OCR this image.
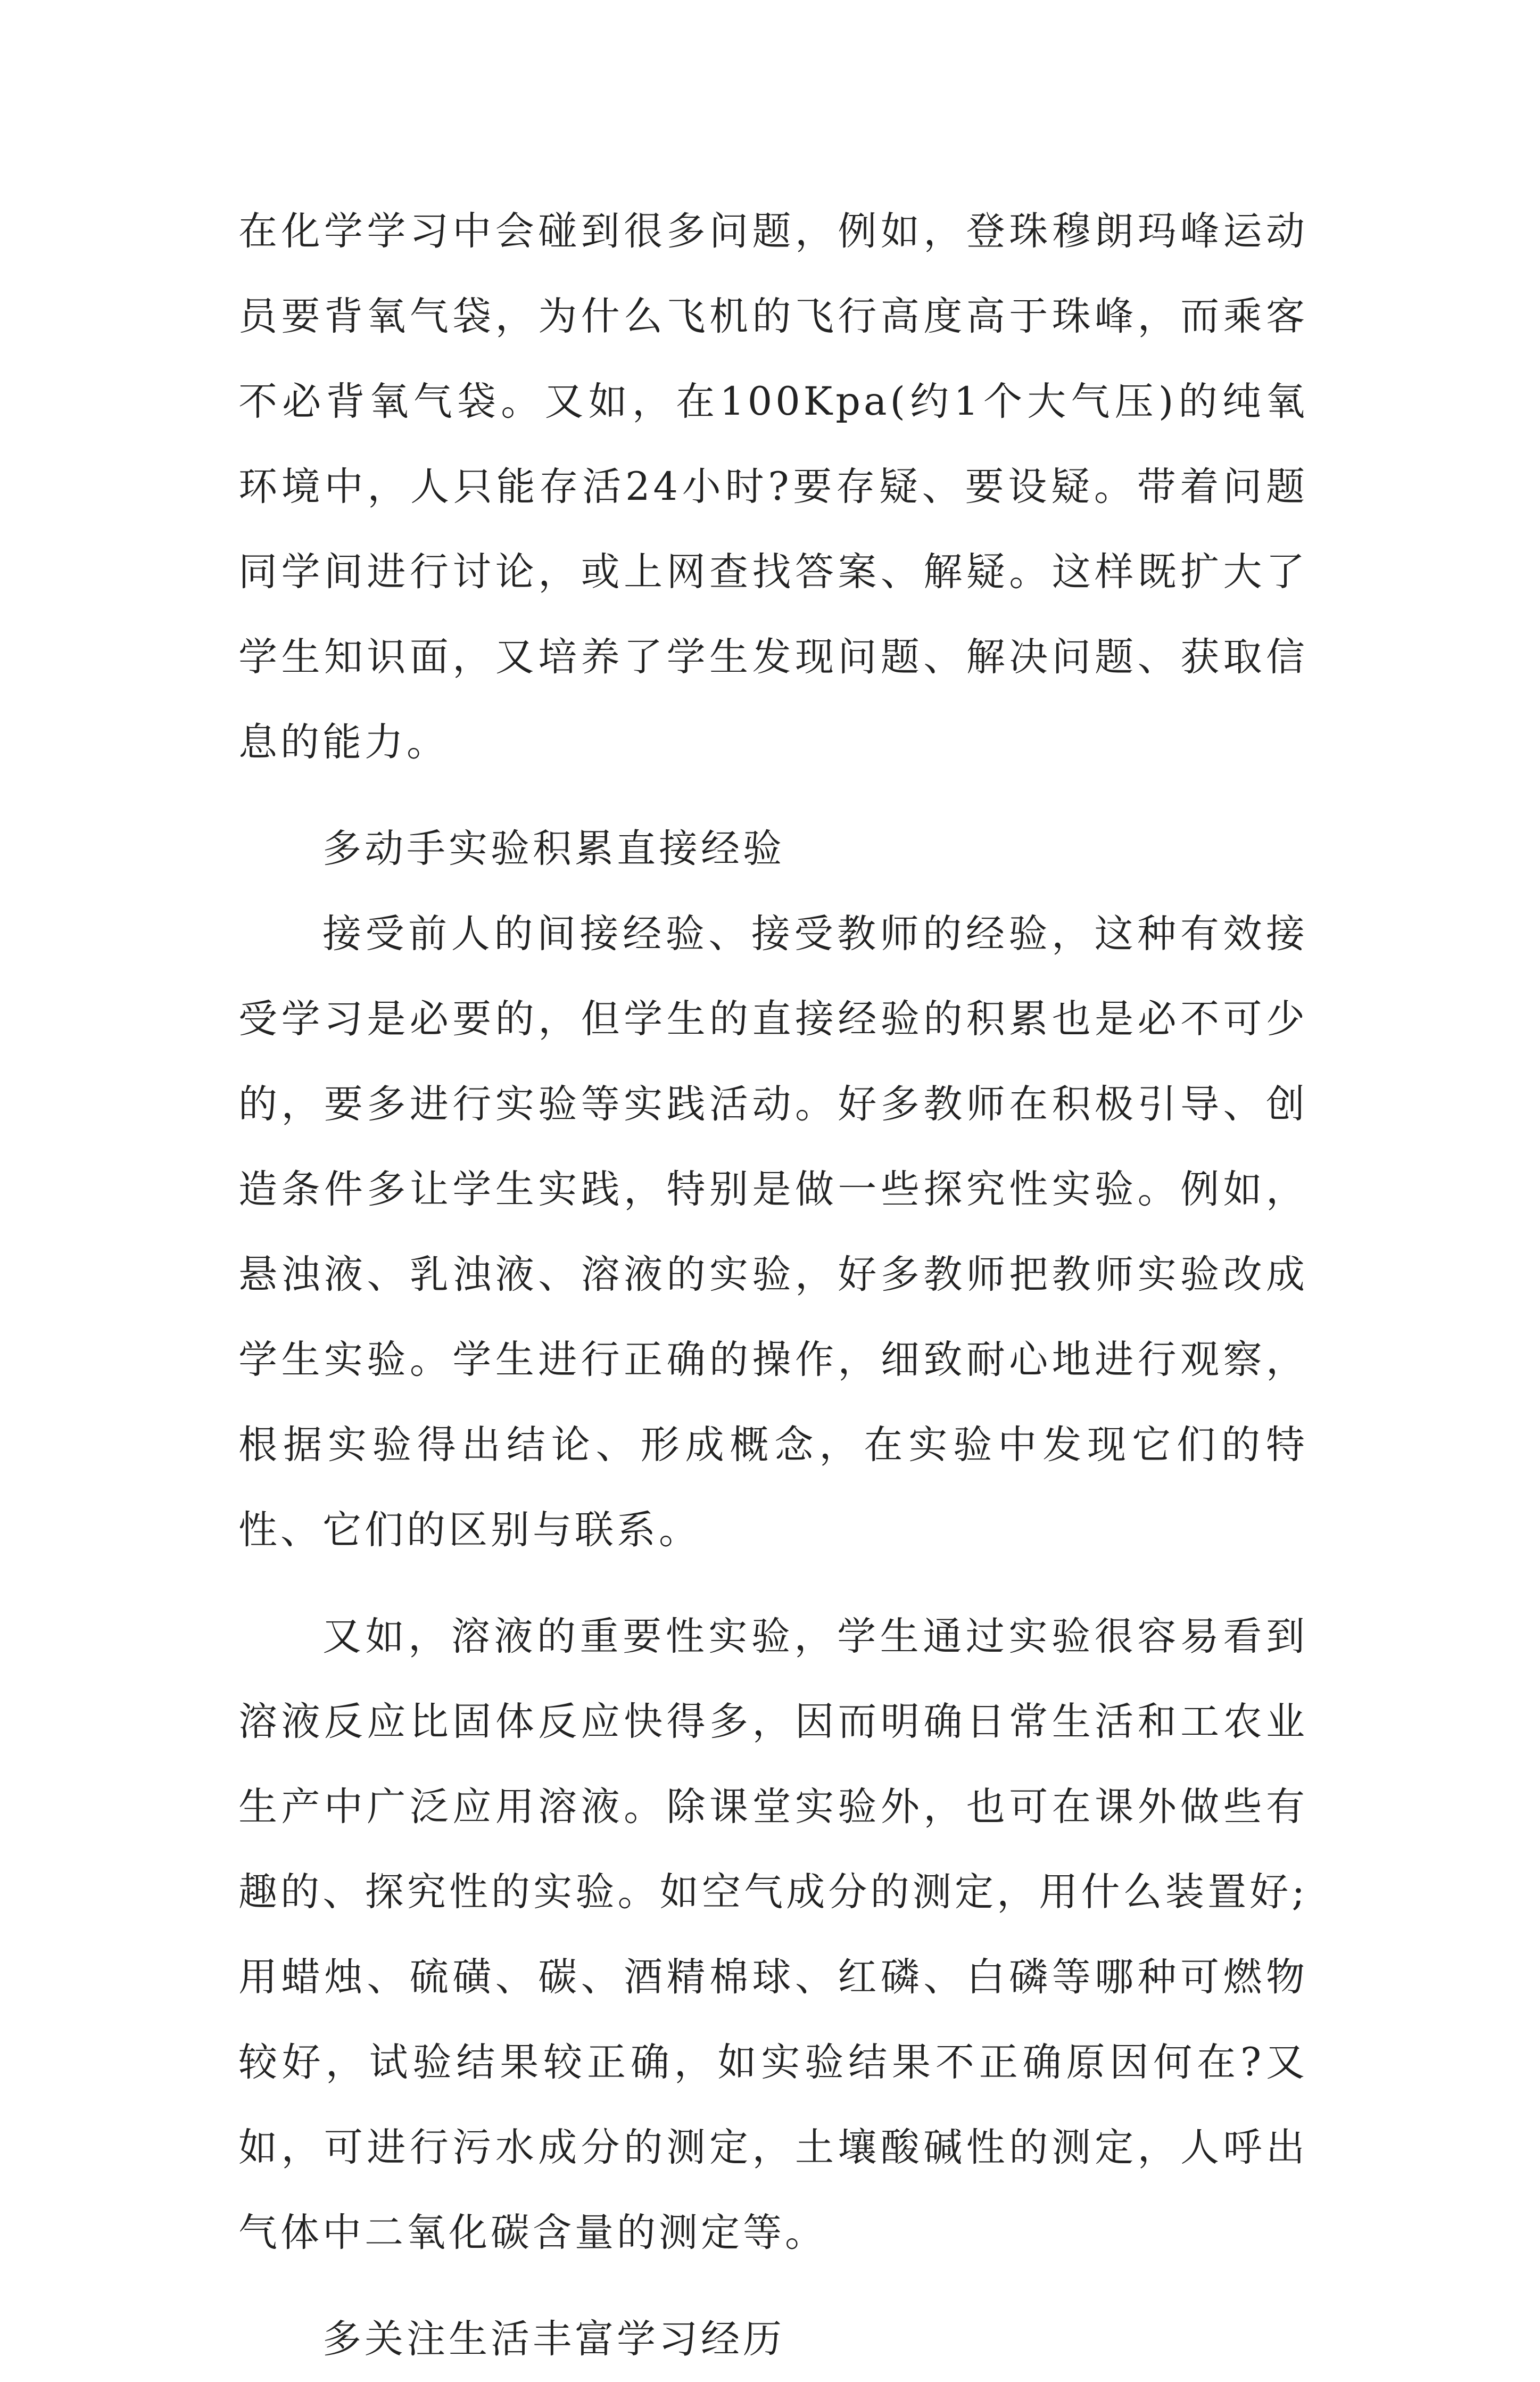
在化学学习中会碰到很多问题，例如，登珠穆朗玛峰运动员要背氧气袋，为什么飞机的飞行高度高于珠峰，而乘客不必背氧气袋。又如，在100Kpa(约1个大气压)的纯氧环境中，人只能存活24小时?要存疑、要设疑。带着问题同学间进行讨论，或上网查找答案、解疑。这样既扩大了学生知识面，又培养了学生发现问题、解决问题、获取信息的能力。

多动手实验积累直接经验

接受前人的间接经验、接受教师的经验，这种有效接受学习是必要的，但学生的直接经验的积累也是必不可少的，要多进行实验等实践活动。好多教师在积极引导、创造条件多让学生实践，特别是做一些探究性实验。例如，悬浊液、乳浊液、溶液的实验，好多教师把教师实验改成学生实验。学生进行正确的操作，细致耐心地进行观察，根据实验得出结论、形成概念，在实验中发现它们的特性、它们的区别与联系。

又如，溶液的重要性实验，学生通过实验很容易看到溶液反应比固体反应快得多，因而明确日常生活和工农业生产中广泛应用溶液。除课堂实验外，也可在课外做些有趣的、探究性的实验。如空气成分的测定，用什么装置好;用蜡烛、硫磺、碳、酒精棉球、红磷、白磷等哪种可燃物较好，试验结果较正确，如实验结果不正确原因何在?又如，可进行污水成分的测定，土壤酸碱性的测定，人呼出气体中二氧化碳含量的测定等。

多关注生活丰富学习经历
